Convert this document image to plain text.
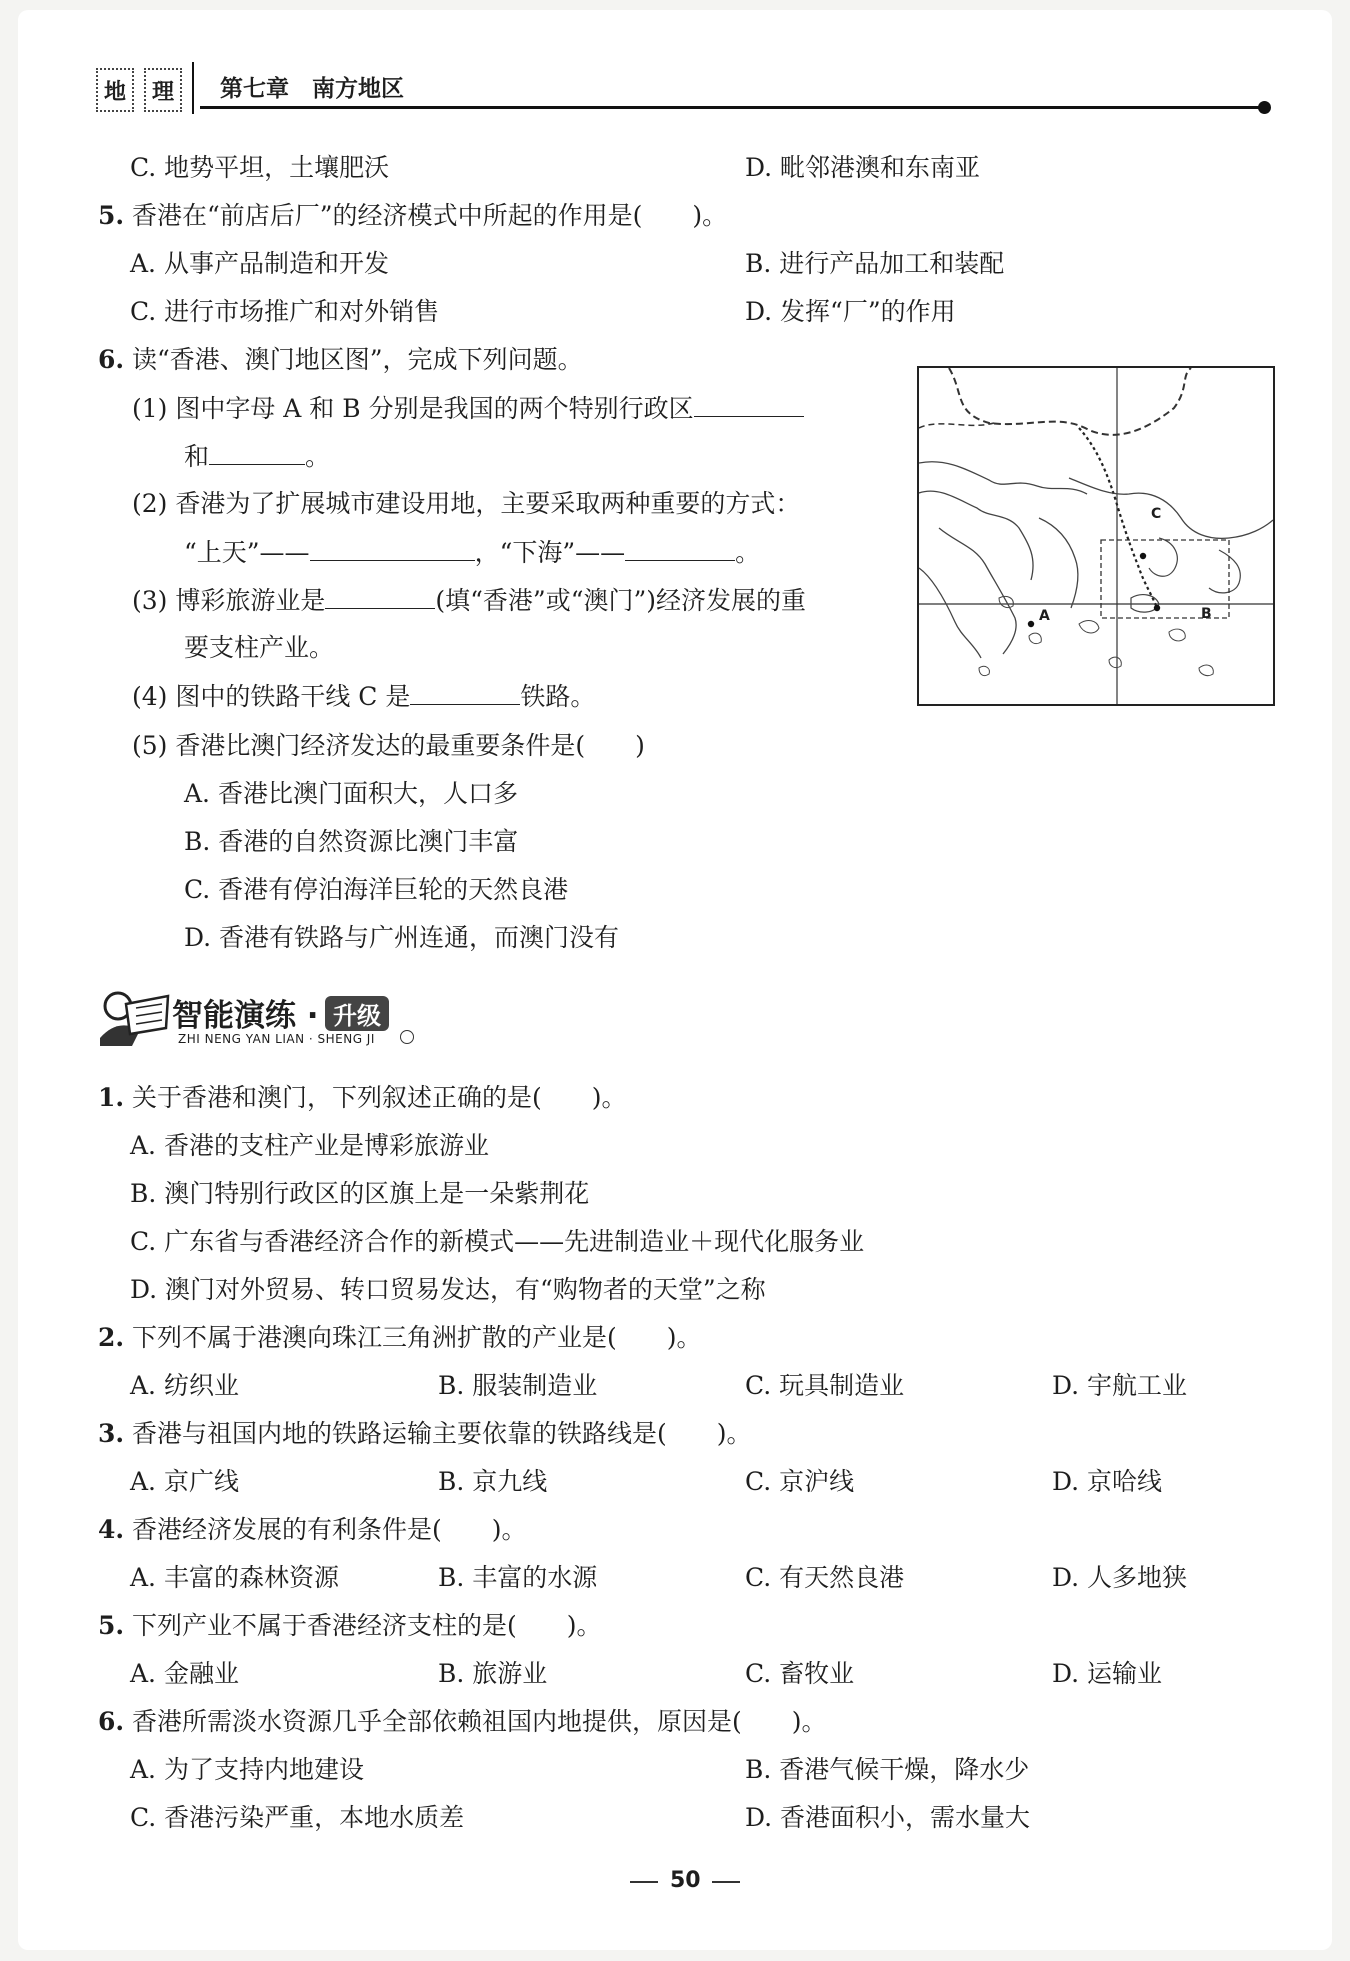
地	理	第七章　南方地区
C. 地势平坦，土壤肥沃	D. 毗邻港澳和东南亚
5. 香港在“前店后厂”的经济模式中所起的作用是(　　)。
A. 从事产品制造和开发	B. 进行产品加工和装配
C. 进行市场推广和对外销售	D. 发挥“厂”的作用
6. 读“香港、澳门地区图”，完成下列问题。
(1) 图中字母 A 和 B 分别是我国的两个特别行政区
和	。
(2) 香港为了扩展城市建设用地，主要采取两种重要的方式：
“上天”——	，“下海”——	。
(3) 博彩旅游业是	(填“香港”或“澳门”)经济发展的重
要支柱产业。
(4) 图中的铁路干线 C 是	铁路。
(5) 香港比澳门经济发达的最重要条件是(　　)
A. 香港比澳门面积大，人口多
B. 香港的自然资源比澳门丰富
C. 香港有停泊海洋巨轮的天然良港
D. 香港有铁路与广州连通，而澳门没有
A	B
C
智能演练 · 升级
ZHI NENG YAN LIAN · SHENG JI
1. 关于香港和澳门，下列叙述正确的是(　　)。
A. 香港的支柱产业是博彩旅游业
B. 澳门特别行政区的区旗上是一朵紫荆花
C. 广东省与香港经济合作的新模式——先进制造业＋现代化服务业
D. 澳门对外贸易、转口贸易发达，有“购物者的天堂”之称
2. 下列不属于港澳向珠江三角洲扩散的产业是(　　)。
A. 纺织业	B. 服装制造业	C. 玩具制造业	D. 宇航工业
3. 香港与祖国内地的铁路运输主要依靠的铁路线是(　　)。
A. 京广线	B. 京九线	C. 京沪线	D. 京哈线
4. 香港经济发展的有利条件是(　　)。
A. 丰富的森林资源	B. 丰富的水源	C. 有天然良港	D. 人多地狭
5. 下列产业不属于香港经济支柱的是(　　)。
A. 金融业	B. 旅游业	C. 畜牧业	D. 运输业
6. 香港所需淡水资源几乎全部依赖祖国内地提供，原因是(　　)。
A. 为了支持内地建设	B. 香港气候干燥，降水少
C. 香港污染严重，本地水质差	D. 香港面积小，需水量大
50
